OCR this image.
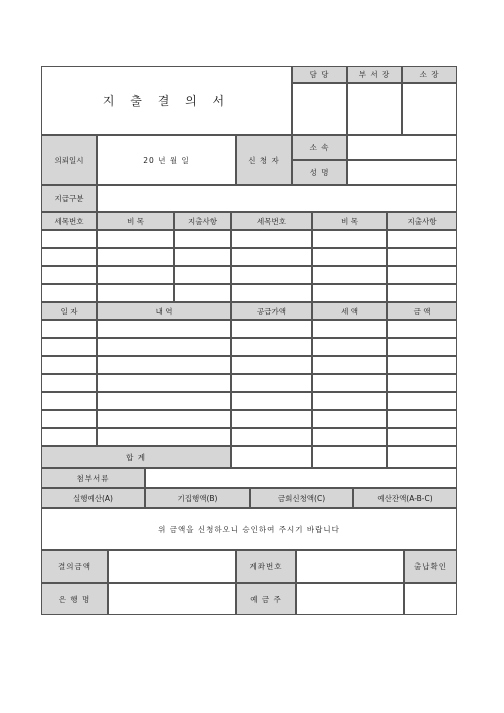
지 출 결 의 서
담 당	부 서 장	소 장
의뢰일시	20 년 월 일	신 청 자
소 속
성 명
지급구분
세목번호	비 목	지출사항	세목번호	비 목	지출사항
일 자	내 역	공급가액	세 액	금 액
합 계
첨부서류
실행예산(A)	기집행액(B)	금회신청액(C)	예산잔액(A-B-C)
위 금액을 신청하오니 승인하여 주시기 바랍니다
결의금액	계좌번호	출납확인
은 행 명	예 금 주
